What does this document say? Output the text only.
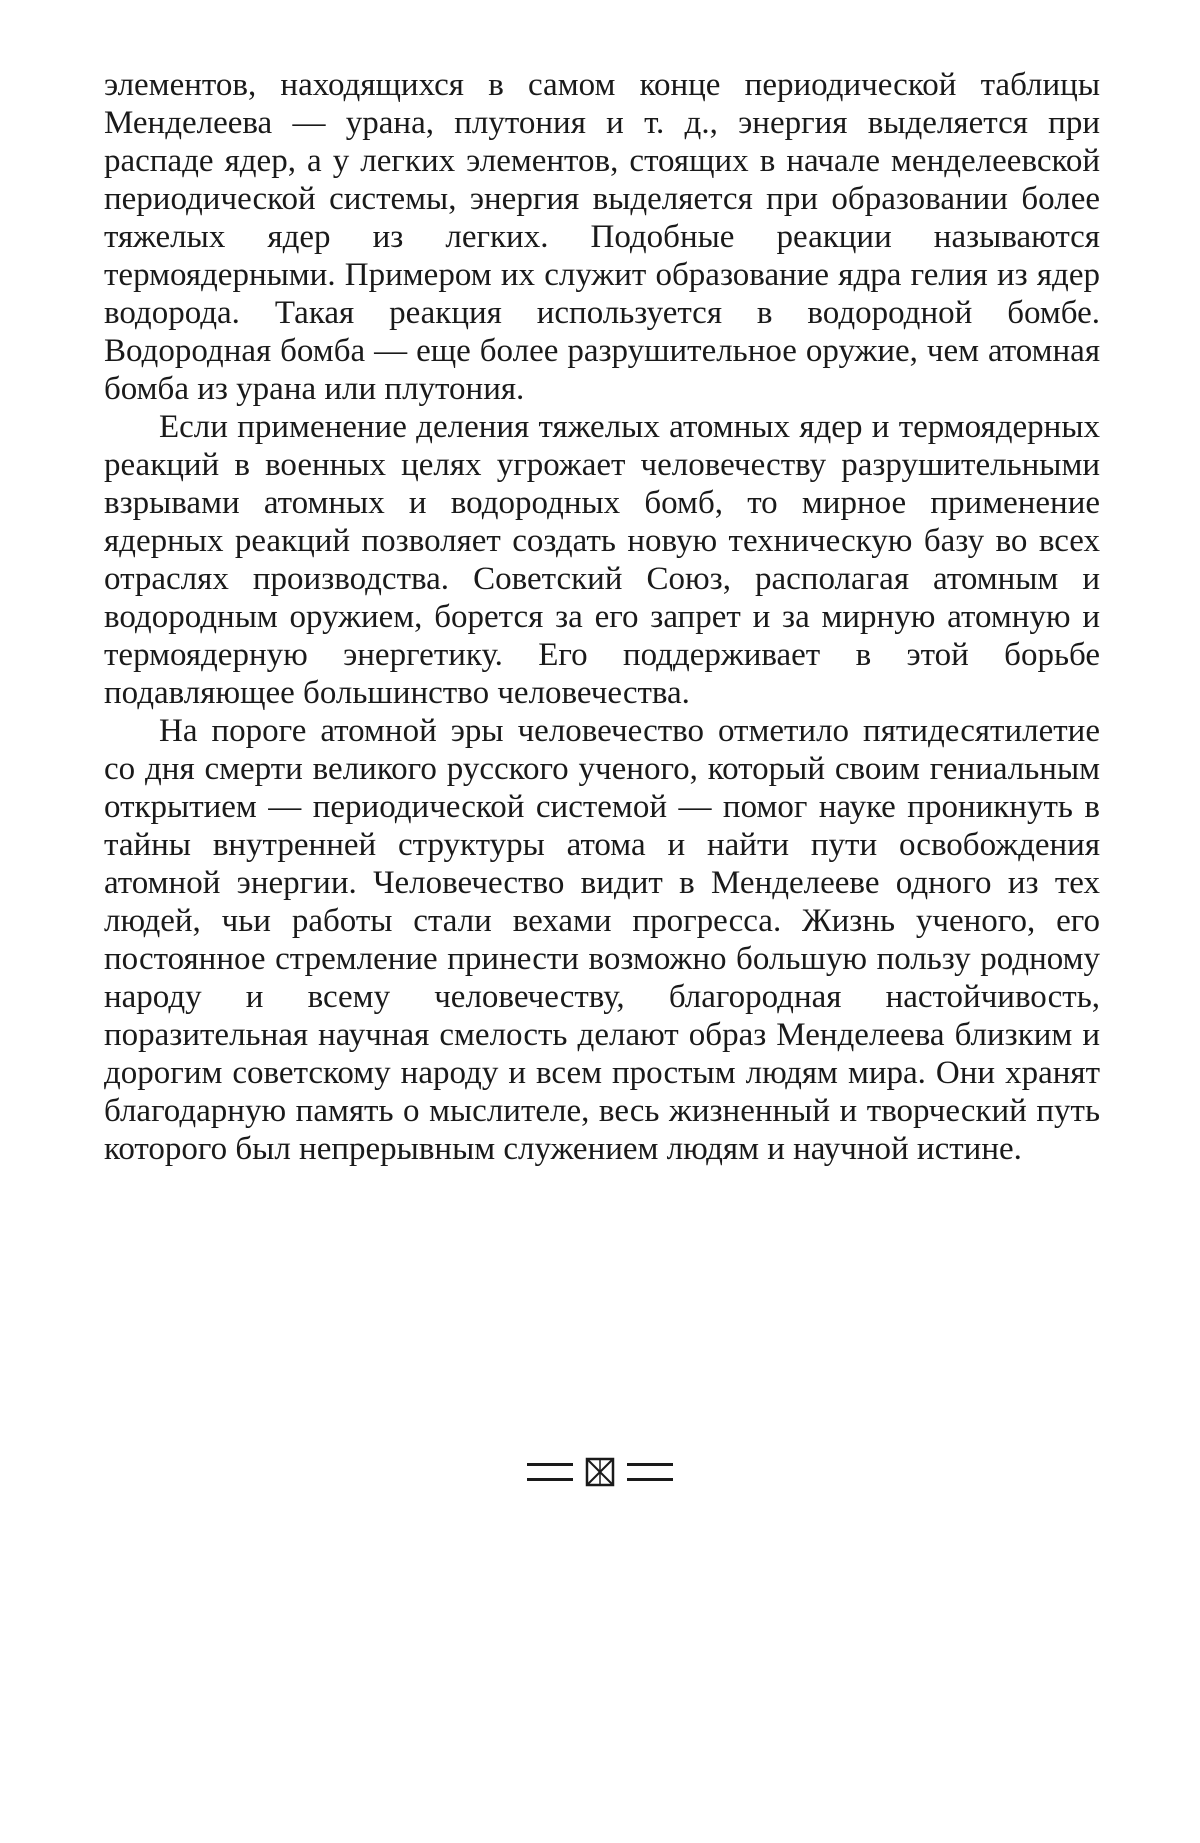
элементов, находящихся в самом конце периодической таблицы Менделеева — урана, плутония и т. д., энергия выделяется при распаде ядер, а у легких элементов, стоящих в начале менделеевской периодической системы, энергия выделяется при образовании более тяжелых ядер из легких. Подобные реакции называются термоядерными. Примером их служит образование ядра гелия из ядер водорода. Такая реакция используется в водородной бомбе. Водородная бомба — еще более разрушительное оружие, чем атомная бомба из урана или плутония.

Если применение деления тяжелых атомных ядер и термоядерных реакций в военных целях угрожает человечеству разрушительными взрывами атомных и водородных бомб, то мирное применение ядерных реакций позволяет создать новую техническую базу во всех отраслях производства. Советский Союз, располагая атомным и водородным оружием, борется за его запрет и за мирную атомную и термоядерную энергетику. Его поддерживает в этой борьбе подавляющее большинство человечества.

На пороге атомной эры человечество отметило пятидесятилетие со дня смерти великого русского ученого, который своим гениальным открытием — периодической системой — помог науке проникнуть в тайны внутренней структуры атома и найти пути освобождения атомной энергии. Человечество видит в Менделееве одного из тех людей, чьи работы стали вехами прогресса. Жизнь ученого, его постоянное стремление принести возможно большую пользу родному народу и всему человечеству, благородная настойчивость, поразительная научная смелость делают образ Менделеева близким и дорогим советскому народу и всем простым людям мира. Они хранят благодарную память о мыслителе, весь жизненный и творческий путь которого был непрерывным служением людям и научной истине.
